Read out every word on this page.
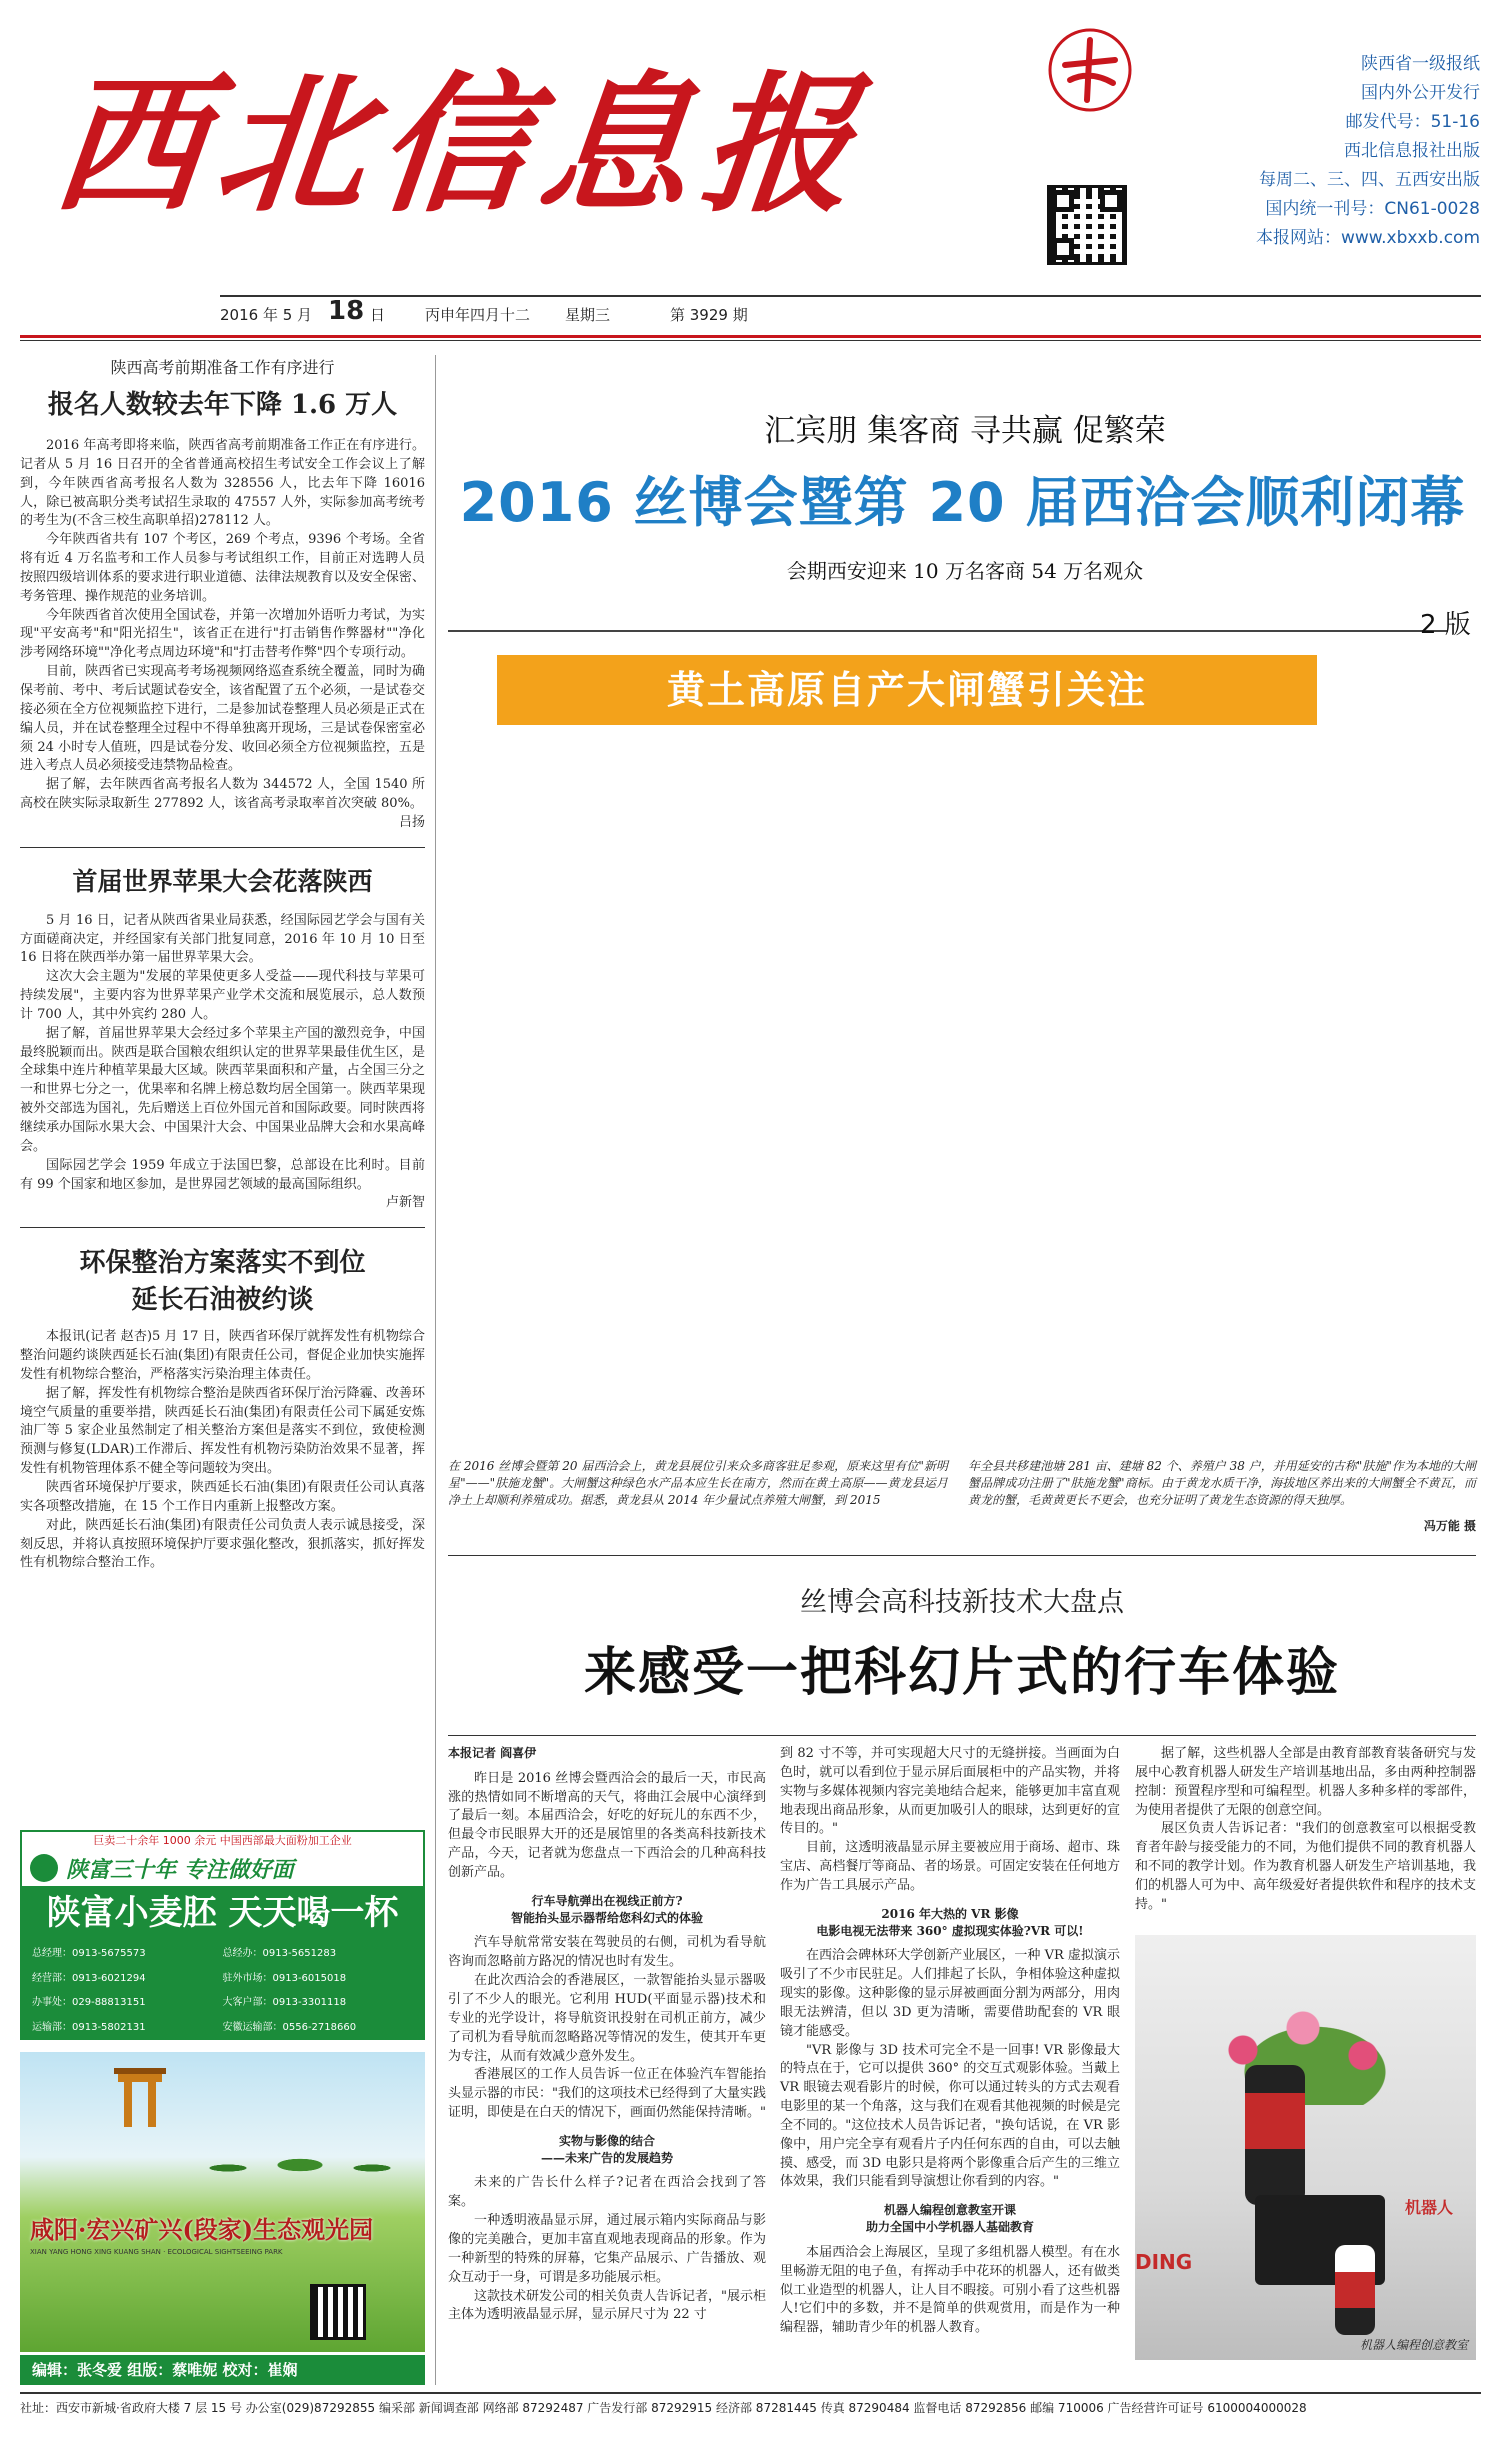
西北信息报	陕西省一级报纸
国内外公开发行
邮发代号：51-16
西北信息报社出版
每周二、三、四、五西安出版
国内统一刊号：CN61-0028
本报网站：www.xbxxb.com
2016 年 5 月 18 日	丙申年四月十二 星期三	第 3929 期
陕西高考前期准备工作有序进行
报名人数较去年下降 1.6 万人
2016 年高考即将来临，陕西省高考前期准备工作正在有序进行。记者从 5 月 16 日召开的全省普通高校招生考试安全工作会议上了解到，今年陕西省高考报名人数为 328556 人，比去年下降 16016 人，除已被高职分类考试招生录取的 47557 人外，实际参加高考统考的考生为(不含三校生高职单招)278112 人。
今年陕西省共有 107 个考区，269 个考点，9396 个考场。全省将有近 4 万名监考和工作人员参与考试组织工作，目前正对选聘人员按照四级培训体系的要求进行职业道德、法律法规教育以及安全保密、考务管理、操作规范的业务培训。
今年陕西省首次使用全国试卷，并第一次增加外语听力考试，为实现"平安高考"和"阳光招生"，该省正在进行"打击销售作弊器材""净化涉考网络环境""净化考点周边环境"和"打击替考作弊"四个专项行动。
目前，陕西省已实现高考考场视频网络巡查系统全覆盖，同时为确保考前、考中、考后试题试卷安全，该省配置了五个必须，一是试卷交接必须在全方位视频监控下进行，二是参加试卷整理人员必须是正式在编人员，并在试卷整理全过程中不得单独离开现场，三是试卷保密室必须 24 小时专人值班，四是试卷分发、收回必须全方位视频监控，五是进入考点人员必须接受违禁物品检查。
据了解，去年陕西省高考报名人数为 344572 人，全国 1540 所高校在陕实际录取新生 277892 人，该省高考录取率首次突破 80%。
吕扬
首届世界苹果大会花落陕西
5 月 16 日，记者从陕西省果业局获悉，经国际园艺学会与国有关方面磋商决定，并经国家有关部门批复同意，2016 年 10 月 10 日至 16 日将在陕西举办第一届世界苹果大会。
这次大会主题为"发展的苹果使更多人受益——现代科技与苹果可持续发展"，主要内容为世界苹果产业学术交流和展览展示，总人数预计 700 人，其中外宾约 280 人。
据了解，首届世界苹果大会经过多个苹果主产国的激烈竞争，中国最终脱颖而出。陕西是联合国粮农组织认定的世界苹果最佳优生区，是全球集中连片种植苹果最大区域。陕西苹果面积和产量，占全国三分之一和世界七分之一，优果率和名牌上榜总数均居全国第一。陕西苹果现被外交部选为国礼，先后赠送上百位外国元首和国际政要。同时陕西将继续承办国际水果大会、中国果汁大会、中国果业品牌大会和水果高峰会。
国际园艺学会 1959 年成立于法国巴黎，总部设在比利时。目前有 99 个国家和地区参加，是世界园艺领域的最高国际组织。
卢新智
环保整治方案落实不到位
延长石油被约谈
本报讯(记者 赵杏)5 月 17 日，陕西省环保厅就挥发性有机物综合整治问题约谈陕西延长石油(集团)有限责任公司，督促企业加快实施挥发性有机物综合整治，严格落实污染治理主体责任。
据了解，挥发性有机物综合整治是陕西省环保厅治污降霾、改善环境空气质量的重要举措，陕西延长石油(集团)有限责任公司下属延安炼油厂等 5 家企业虽然制定了相关整治方案但是落实不到位，致使检测预测与修复(LDAR)工作滞后、挥发性有机物污染防治效果不显著，挥发性有机物管理体系不健全等问题较为突出。
陕西省环境保护厅要求，陕西延长石油(集团)有限责任公司认真落实各项整改措施，在 15 个工作日内重新上报整改方案。
对此，陕西延长石油(集团)有限责任公司负责人表示诚恳接受，深刻反思，并将认真按照环境保护厅要求强化整改，狠抓落实，抓好挥发性有机物综合整治工作。
巨卖二十余年 1000 余元 中国西部最大面粉加工企业
陕富三十年 专注做好面
陕富小麦胚 天天喝一杯
总经理：0913-5675573	总经办：0913-5651283
经营部：0913-6021294	驻外市场：0913-6015018
办事处：029-88813151	大客户部：0913-3301118
运输部：0913-5802131	安徽运输部：0556-2718660
咸阳·宏兴矿兴(段家)生态观光园
XIAN YANG HONG XING KUANG SHAN · ECOLOGICAL SIGHTSEEING PARK
编辑：张冬爱 组版：蔡唯妮 校对：崔娴
汇宾朋 集客商 寻共赢 促繁荣
2016 丝博会暨第 20 届西洽会顺利闭幕
会期西安迎来 10 万名客商 54 万名观众
2 版
黄土高原自产大闸蟹引关注
小龙虾
在 2016 丝博会暨第 20 届西洽会上，黄龙县展位引来众多商客驻足参观，原来这里有位"新明星"——"肤施龙蟹"。大闸蟹这种绿色水产品本应生长在南方，然而在黄土高原——黄龙县运月净土上却顺利养殖成功。据悉，黄龙县从 2014 年少量试点养殖大闸蟹，到 2015
年全县共移建池塘 281 亩、建塘 82 个、养殖户 38 户，并用延安的古称"肤施"作为本地的大闸蟹品牌成功注册了"肤施龙蟹"商标。由于黄龙水质干净，海拔地区养出来的大闸蟹全不黄瓦，而黄龙的蟹，毛黄黄更长不更会，也充分证明了黄龙生态资源的得天独厚。
冯万能 摄
丝博会高科技新技术大盘点
来感受一把科幻片式的行车体验
本报记者 阎喜伊
昨日是 2016 丝博会暨西洽会的最后一天，市民高涨的热情如同不断增高的天气，将曲江会展中心演绎到了最后一刻。本届西洽会，好吃的好玩儿的东西不少，但最令市民眼界大开的还是展馆里的各类高科技新技术产品，今天，记者就为您盘点一下西洽会的几种高科技创新产品。
行车导航弹出在视线正前方?
智能抬头显示器帮给您科幻式的体验
汽车导航常常安装在驾驶员的右侧，司机为看导航咨询而忽略前方路况的情况也时有发生。
在此次西洽会的香港展区，一款智能抬头显示器吸引了不少人的眼光。它利用 HUD(平面显示器)技术和专业的光学设计，将导航资讯投射在司机正前方，减少了司机为看导航而忽略路况等情况的发生，使其开车更为专注，从而有效减少意外发生。
香港展区的工作人员告诉一位正在体验汽车智能抬头显示器的市民："我们的这项技术已经得到了大量实践证明，即使是在白天的情况下，画面仍然能保持清晰。"
实物与影像的结合
——未来广告的发展趋势
未来的广告长什么样子?记者在西洽会找到了答案。
一种透明液晶显示屏，通过展示箱内实际商品与影像的完美融合，更加丰富直观地表现商品的形象。作为一种新型的特殊的屏幕，它集产品展示、广告播放、观众互动于一身，可谓是多功能展示柜。
这款技术研发公司的相关负责人告诉记者，"展示柜主体为透明液晶显示屏，显示屏尺寸为 22 寸
到 82 寸不等，并可实现超大尺寸的无缝拼接。当画面为白色时，就可以看到位于显示屏后面展柜中的产品实物，并将实物与多媒体视频内容完美地结合起来，能够更加丰富直观地表现出商品形象，从而更加吸引人的眼球，达到更好的宣传目的。"
目前，这透明液晶显示屏主要被应用于商场、超市、珠宝店、高档餐厅等商品、者的场景。可固定安装在任何地方作为广告工具展示产品。
2016 年大热的 VR 影像
电影电视无法带来 360° 虚拟现实体验?VR 可以!
在西洽会碑林环大学创新产业展区，一种 VR 虚拟演示吸引了不少市民驻足。人们排起了长队，争相体验这种虚拟现实的影像。这种影像的显示屏被画面分割为两部分，用肉眼无法辨清，但以 3D 更为清晰，需要借助配套的 VR 眼镜才能感受。
"VR 影像与 3D 技术可完全不是一回事! VR 影像最大的特点在于，它可以提供 360° 的交互式观影体验。当戴上 VR 眼镜去观看影片的时候，你可以通过转头的方式去观看电影里的某一个角落，这与我们在观看其他视频的时候是完全不同的。"这位技术人员告诉记者，"换句话说，在 VR 影像中，用户完全享有观看片子内任何东西的自由，可以去触摸、感受，而 3D 电影只是将两个影像重合后产生的三维立体效果，我们只能看到导演想让你看到的内容。"
机器人编程创意教室开课
助力全国中小学机器人基础教育
本届西洽会上海展区，呈现了多组机器人模型。有在水里畅游无阻的电子鱼，有挥动手中花环的机器人，还有做类似工业造型的机器人，让人目不暇接。可别小看了这些机器人!它们中的多数，并不是简单的供观赏用，而是作为一种编程器，辅助青少年的机器人教育。
据了解，这些机器人全部是由教育部教育装备研究与发展中心教育机器人研发生产培训基地出品，多由两种控制器控制：预置程序型和可编程型。机器人多种多样的零部件，为使用者提供了无限的创意空间。
展区负责人告诉记者："我们的创意教室可以根据受教育者年龄与接受能力的不同，为他们提供不同的教育机器人和不同的教学计划。作为教育机器人研发生产培训基地，我们的机器人可为中、高年级爱好者提供软件和程序的技术支持。"
DING
机器人
机器人编程创意教室
社址：西安市新城·省政府大楼 7 层 15 号 办公室(029)87292855 编采部 新闻调查部 网络部 87292487 广告发行部 87292915 经济部 87281445 传真 87290484 监督电话 87292856 邮编 710006 广告经营许可证号 6100004000028
